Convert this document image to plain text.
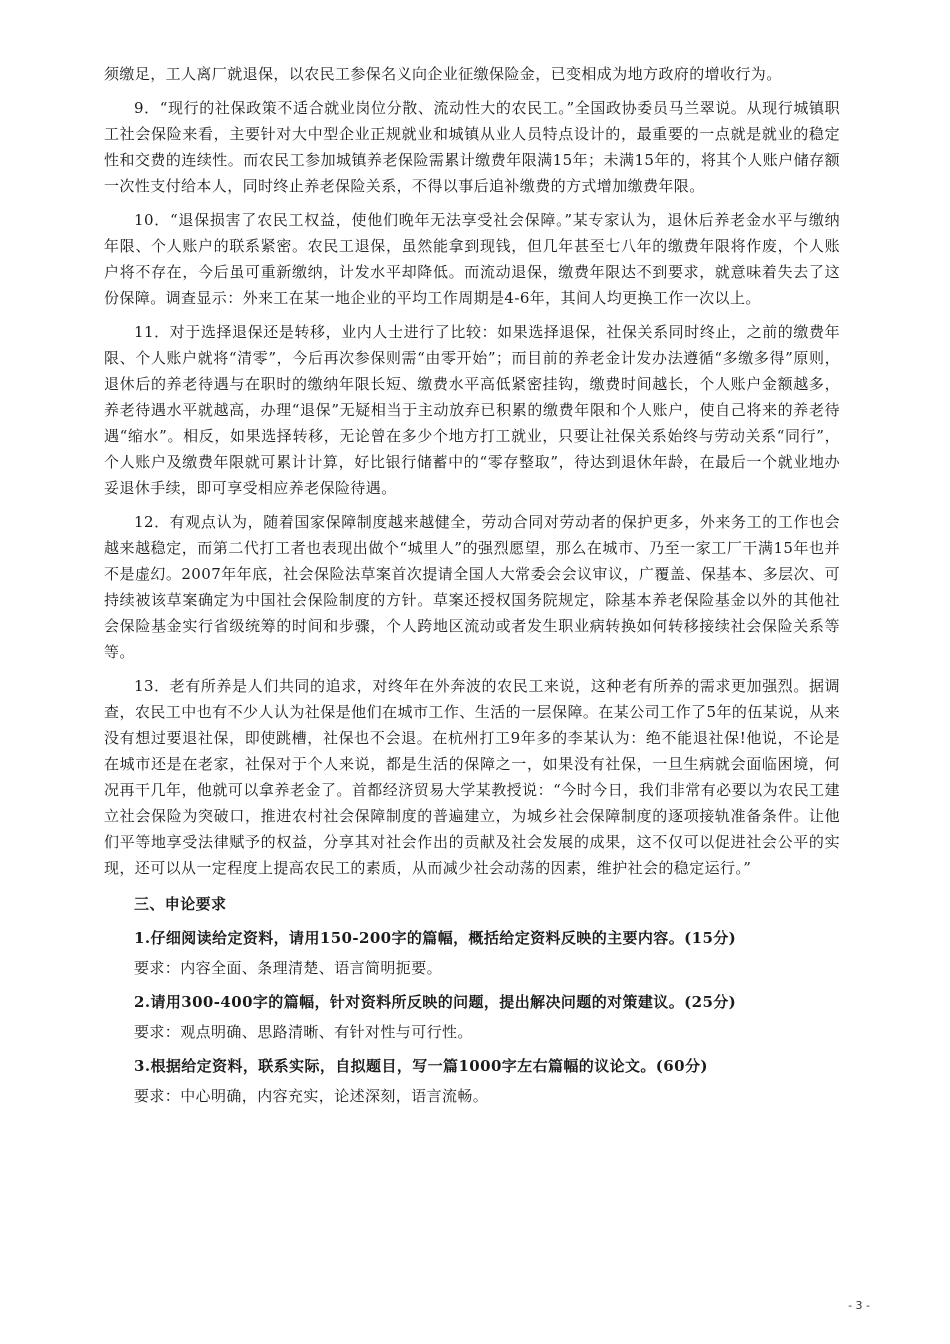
须缴足，工人离厂就退保，以农民工参保名义向企业征缴保险金，已变相成为地方政府的增收行为。

9．“现行的社保政策不适合就业岗位分散、流动性大的农民工。”全国政协委员马兰翠说。从现行城镇职工社会保险来看，主要针对大中型企业正规就业和城镇从业人员特点设计的，最重要的一点就是就业的稳定性和交费的连续性。而农民工参加城镇养老保险需累计缴费年限满15年；未满15年的，将其个人账户储存额一次性支付给本人，同时终止养老保险关系，不得以事后追补缴费的方式增加缴费年限。

10．“退保损害了农民工权益，使他们晚年无法享受社会保障。”某专家认为，退休后养老金水平与缴纳年限、个人账户的联系紧密。农民工退保，虽然能拿到现钱，但几年甚至七八年的缴费年限将作废，个人账户将不存在，今后虽可重新缴纳，计发水平却降低。而流动退保，缴费年限达不到要求，就意味着失去了这份保障。调查显示：外来工在某一地企业的平均工作周期是4-6年，其间人均更换工作一次以上。

11．对于选择退保还是转移，业内人士进行了比较：如果选择退保，社保关系同时终止，之前的缴费年限、个人账户就将“清零”，今后再次参保则需“由零开始”；而目前的养老金计发办法遵循“多缴多得”原则，退休后的养老待遇与在职时的缴纳年限长短、缴费水平高低紧密挂钩，缴费时间越长，个人账户金额越多，养老待遇水平就越高，办理“退保”无疑相当于主动放弃已积累的缴费年限和个人账户，使自己将来的养老待遇“缩水”。相反，如果选择转移，无论曾在多少个地方打工就业，只要让社保关系始终与劳动关系“同行”，个人账户及缴费年限就可累计计算，好比银行储蓄中的“零存整取”，待达到退休年龄，在最后一个就业地办妥退休手续，即可享受相应养老保险待遇。

12．有观点认为，随着国家保障制度越来越健全，劳动合同对劳动者的保护更多，外来务工的工作也会越来越稳定，而第二代打工者也表现出做个“城里人”的强烈愿望，那么在城市、乃至一家工厂干满15年也并不是虚幻。2007年年底，社会保险法草案首次提请全国人大常委会会议审议，广覆盖、保基本、多层次、可持续被该草案确定为中国社会保险制度的方针。草案还授权国务院规定，除基本养老保险基金以外的其他社会保险基金实行省级统筹的时间和步骤，个人跨地区流动或者发生职业病转换如何转移接续社会保险关系等等。

13．老有所养是人们共同的追求，对终年在外奔波的农民工来说，这种老有所养的需求更加强烈。据调查，农民工中也有不少人认为社保是他们在城市工作、生活的一层保障。在某公司工作了5年的伍某说，从来没有想过要退社保，即使跳槽，社保也不会退。在杭州打工9年多的李某认为：绝不能退社保!他说，不论是在城市还是在老家，社保对于个人来说，都是生活的保障之一，如果没有社保，一旦生病就会面临困境，何况再干几年，他就可以拿养老金了。首都经济贸易大学某教授说：“今时今日，我们非常有必要以为农民工建立社会保险为突破口，推进农村社会保障制度的普遍建立，为城乡社会保障制度的逐项接轨准备条件。让他们平等地享受法律赋予的权益，分享其对社会作出的贡献及社会发展的成果，这不仅可以促进社会公平的实现，还可以从一定程度上提高农民工的素质，从而减少社会动荡的因素，维护社会的稳定运行。”

三、申论要求
1.仔细阅读给定资料，请用150-200字的篇幅，概括给定资料反映的主要内容。(15分)
要求：内容全面、条理清楚、语言简明扼要。
2.请用300-400字的篇幅，针对资料所反映的问题，提出解决问题的对策建议。(25分)
要求：观点明确、思路清晰、有针对性与可行性。
3.根据给定资料，联系实际，自拟题目，写一篇1000字左右篇幅的议论文。(60分)
要求：中心明确，内容充实，论述深刻，语言流畅。
- 3 -
